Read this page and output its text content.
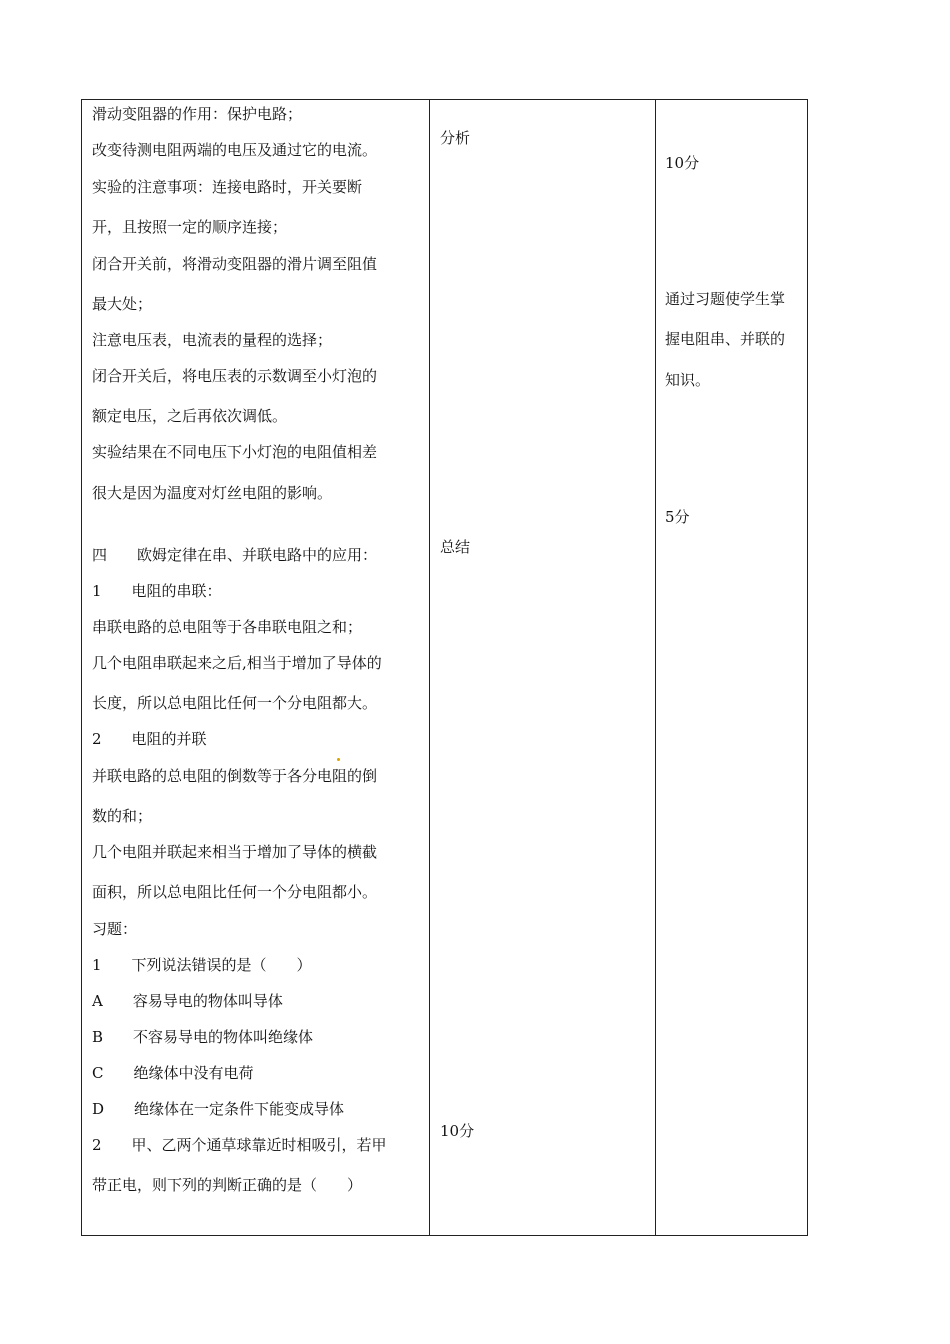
滑动变阻器的作用：保护电路；
改变待测电阻两端的电压及通过它的电流。
实验的注意事项：连接电路时，开关要断
开，且按照一定的顺序连接；
闭合开关前，将滑动变阻器的滑片调至阻值
最大处；
注意电压表，电流表的量程的选择；
闭合开关后，将电压表的示数调至小灯泡的
额定电压，之后再依次调低。
实验结果在不同电压下小灯泡的电阻值相差
很大是因为温度对灯丝电阻的影响。
四　　欧姆定律在串、并联电路中的应用：
1　　电阻的串联：
串联电路的总电阻等于各串联电阻之和；
几个电阻串联起来之后,相当于增加了导体的
长度，所以总电阻比任何一个分电阻都大。
2　　电阻的并联
并联电路的总电阻的倒数等于各分电阻的倒
数的和；
几个电阻并联起来相当于增加了导体的横截
面积，所以总电阻比任何一个分电阻都小。
习题：
1　　下列说法错误的是（　　）
A　　容易导电的物体叫导体
B　　不容易导电的物体叫绝缘体
C　　绝缘体中没有电荷
D　　绝缘体在一定条件下能变成导体
2　　甲、乙两个通草球靠近时相吸引，若甲
带正电，则下列的判断正确的是（　　）
分析
总结
10分
10分
通过习题使学生掌
握电阻串、并联的
知识。
5分
